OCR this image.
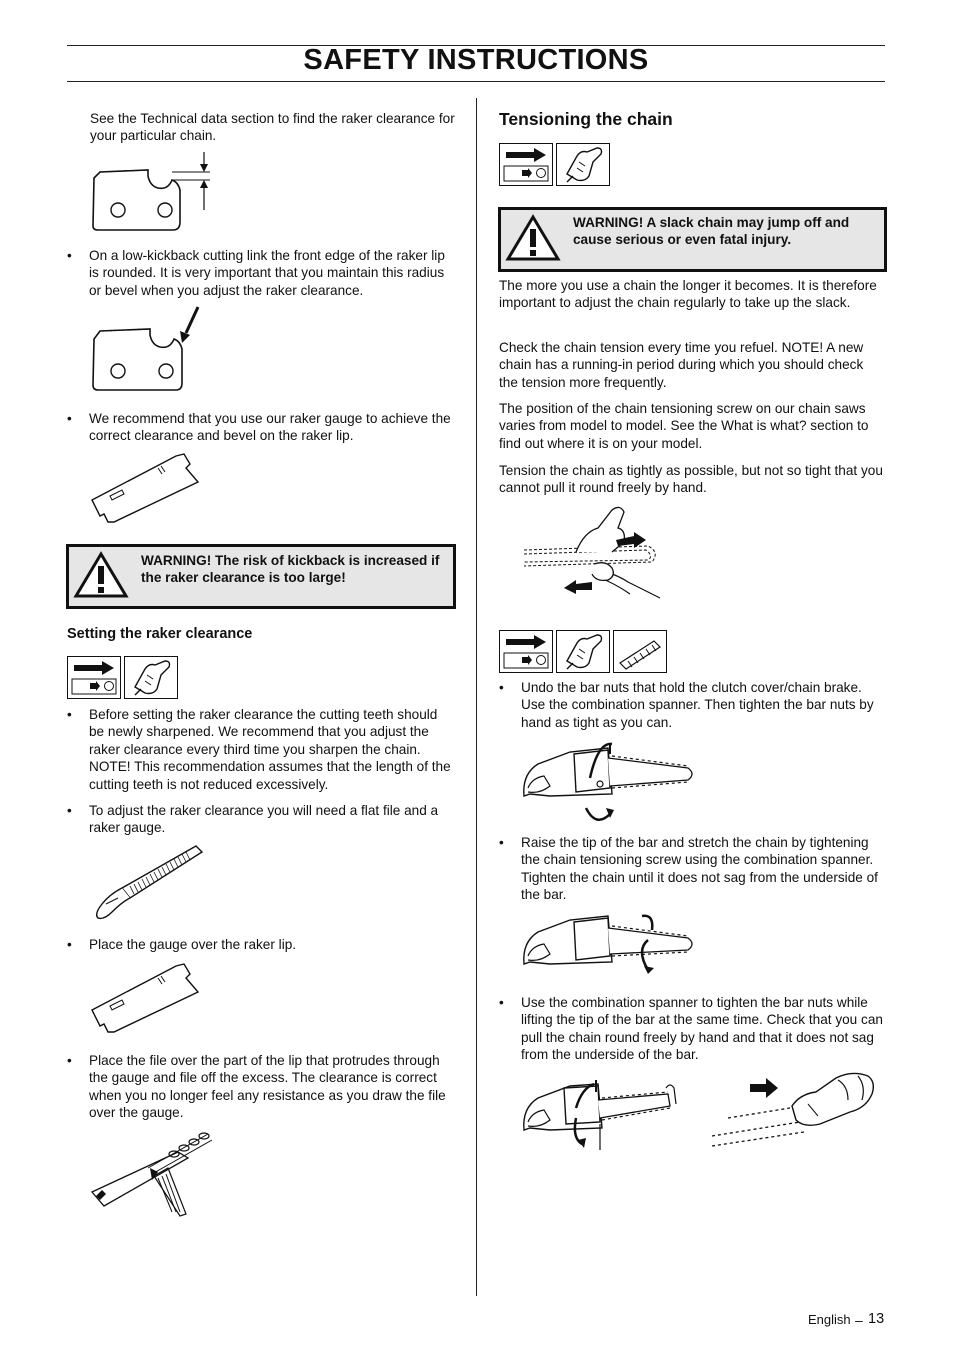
SAFETY INSTRUCTIONS
See the Technical data section to find the raker clearance for your particular chain.
• On a low-kickback cutting link the front edge of the raker lip is rounded. It is very important that you maintain this radius or bevel when you adjust the raker clearance.
• We recommend that you use our raker gauge to achieve the correct clearance and bevel on the raker lip.
WARNING! The risk of kickback is increased if the raker clearance is too large!
Setting the raker clearance
• Before setting the raker clearance the cutting teeth should be newly sharpened. We recommend that you adjust the raker clearance every third time you sharpen the chain. NOTE! This recommendation assumes that the length of the cutting teeth is not reduced excessively.
• To adjust the raker clearance you will need a flat file and a raker gauge.
• Place the gauge over the raker lip.
• Place the file over the part of the lip that protrudes through the gauge and file off the excess. The clearance is correct when you no longer feel any resistance as you draw the file over the gauge.
Tensioning the chain
WARNING! A slack chain may jump off and cause serious or even fatal injury.
The more you use a chain the longer it becomes. It is therefore important to adjust the chain regularly to take up the slack.
Check the chain tension every time you refuel. NOTE! A new chain has a running-in period during which you should check the tension more frequently.
The position of the chain tensioning screw on our chain saws varies from model to model. See the What is what? section to find out where it is on your model.
Tension the chain as tightly as possible, but not so tight that you cannot pull it round freely by hand.
• Undo the bar nuts that hold the clutch cover/chain brake. Use the combination spanner. Then tighten the bar nuts by hand as tight as you can.
• Raise the tip of the bar and stretch the chain by tightening the chain tensioning screw using the combination spanner. Tighten the chain until it does not sag from the underside of the bar.
• Use the combination spanner to tighten the bar nuts while lifting the tip of the bar at the same time. Check that you can pull the chain round freely by hand and that it does not sag from the underside of the bar.
English – 13
